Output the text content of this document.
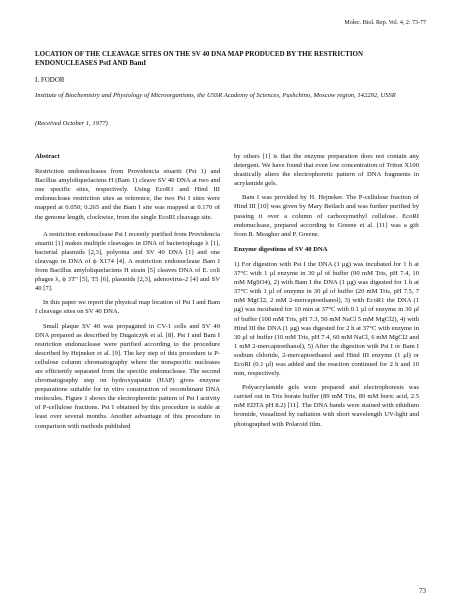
Molec. Biol. Rep. Vol. 4, 2: 73-77
LOCATION OF THE CLEAVAGE SITES ON THE SV 40 DNA MAP PRODUCED BY THE RESTRICTION ENDONUCLEASES PstI AND BamI
I. FODOR
Institute of Biochemistry and Physiology of Microorganisms, the USSR Academy of Sciences, Pushchino, Moscow region, 142292, USSR
(Received October 1, 1977)
Abstract

Restriction endonucleases from Providencia stuartii (Pst 1) and Bacillus amyloliquefaciens H (Bam 1) cleave SV 40 DNA at two and one specific sites, respectively. Using EcoR1 and Hind III endonuclease restriction sites as reference, the two Pst I sites were mapped at 0.050; 0.265 and the Bam I site was mapped at 0.170 of the genome length, clockwise, from the single EcoRI cleavage site.

A restriction endonuclease Pst I recently purified from Providencia stuartii [1] makes multiple cleavages in DNA of bacteriophage λ [1], bacterial plasmids [2,3], polyoma and SV 40 DNA [1] and one cleavage in DNA of ϕ X174 [4]. A restriction endonuclease Bam I from Bacillus amyloliquefaciens H strain [5] cleaves DNA of E. coli phages λ, ϕ 3T" [5], T5 [6], plasmids [2,3], adenovirus-2 [4] and SV 40 [7].

In this paper we report the physical map location of Pst I and Bam I cleavage sites on SV 40 DNA.

Small plaque SV 40 was propagated in CV-1 cells and SV 40 DNA prepared as described by Dugaiczyk et al. [8]. Pst I and Bam I restriction endonuclease were purified according to the procedure described by Hejneker et al. [9]. The key step of this procedure is P-cellulose column chromatography where the nonspecific nucleases are efficiently separated from the specific endonuclease. The second chromatography step on hydroxyapatite (HAP) gives enzyme preparations suitable for in vitro construction of recombinant DNA molecules. Figure 1 shows the electrophoretic pattern of Pst I activity of P-cellulose fractions. Pst I obtained by this procedure is stable at least over several months. Another advantage of this procedure in comparison with methods published

by others [1] is that the enzyme preparation does not contain any detergent. We have found that even low concentration of Triton X100 drastically alters the electrophoretic pattern of DNA fragments in acrylamide gels.

Bam I was provided by H. Hejneker. The P-cellulose fraction of Hind III [10] was given by Mary Betlach and was further purified by passing it over a column of carboxymethyl cellulose. EcoRI endonuclease, prepared according to Greene et al. [11] was a gift from R. Meagher and P. Greene.

Enzyme digestions of SV 40 DNA

1) For digestion with Pst I the DNA (1 μg) was incubated for 1 h at 37°C with 1 μl enzyme in 30 μl of buffer (90 mM Tris, pH 7.4, 10 mM MgSO4), 2) with Bam I the DNA (1 μg) was digested for 1 h at 37°C with 1 μl of enzyme in 30 μl of buffer (20 mM Tris, pH 7.5, 7 mM MgCl2, 2 mM 2-mercaptoethanol), 3) with EcoR1 the DNA (1 μg) was incubated for 10 min at 37°C with 0.1 μl of enzyme in 30 μl of buffer (100 mM Tris, pH 7.3, 50 mM NaCl 5 mM MgCl2), 4) with Hind III the DNA (1 μg) was digested for 2 h at 37°C with enzyme in 30 μl of buffer (10 mM Tris, pH 7.4, 60 mM NaCl, 6 mM MgCl2 and 1 mM 2-mercaptoethanol), 5) After the digestion with Pst I or Bam I sodium chloride, 2-mercaptoethanol and Hind III enzyme (1 μl) or EcoRI (0.1 μl) was added and the reaction continued for 2 h and 10 min, respectively.

Polyacrylamide gels were prepared and electrophoresis was carried out in Tris borate buffer (89 mM Tris, 89 mM boric acid, 2.5 mM EDTA pH 8.2) [11]. The DNA bands were stained with ethidium bromide, visualized by radiation with short wavelength UV-light and photographed with Polaroid film.

73
